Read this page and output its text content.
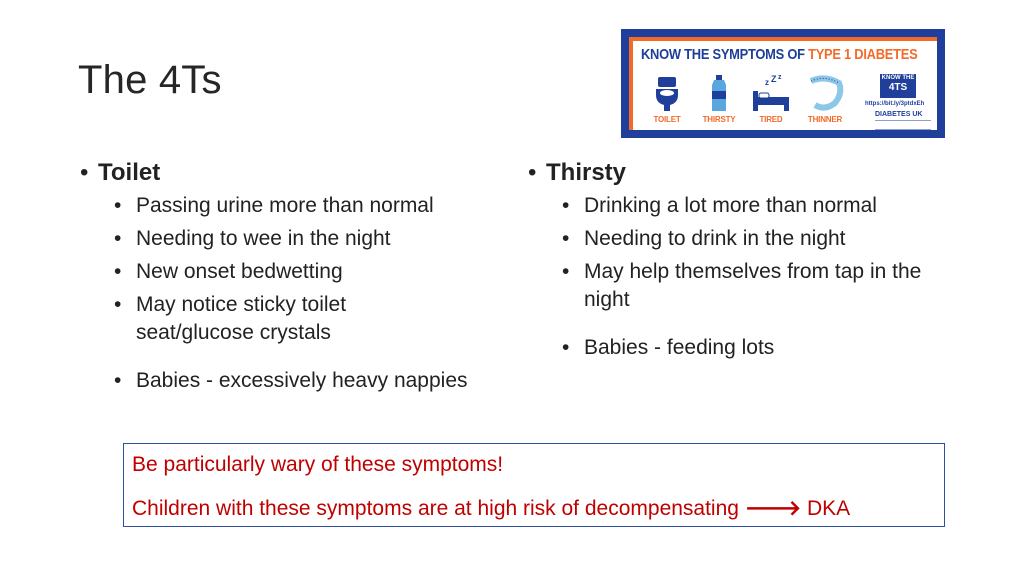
The 4Ts
KNOW THE SYMPTOMS OF TYPE 1 DIABETES
TOILET	THIRSTY
z Z z
TIRED	THINNER
KNOW THE
4TS
https://bit.ly/3ptdxEh
DIABETES UK
• Toilet
• Passing urine more than normal
• Needing to wee in the night
• New onset bedwetting
• May notice sticky toilet seat/glucose crystals
• Babies - excessively heavy nappies
• Thirsty
• Drinking a lot more than normal
• Needing to drink in the night
• May help themselves from tap in the night
• Babies - feeding lots
Be particularly wary of these symptoms!
Children with these symptoms are at high risk of decompensating 🡒 DKA
